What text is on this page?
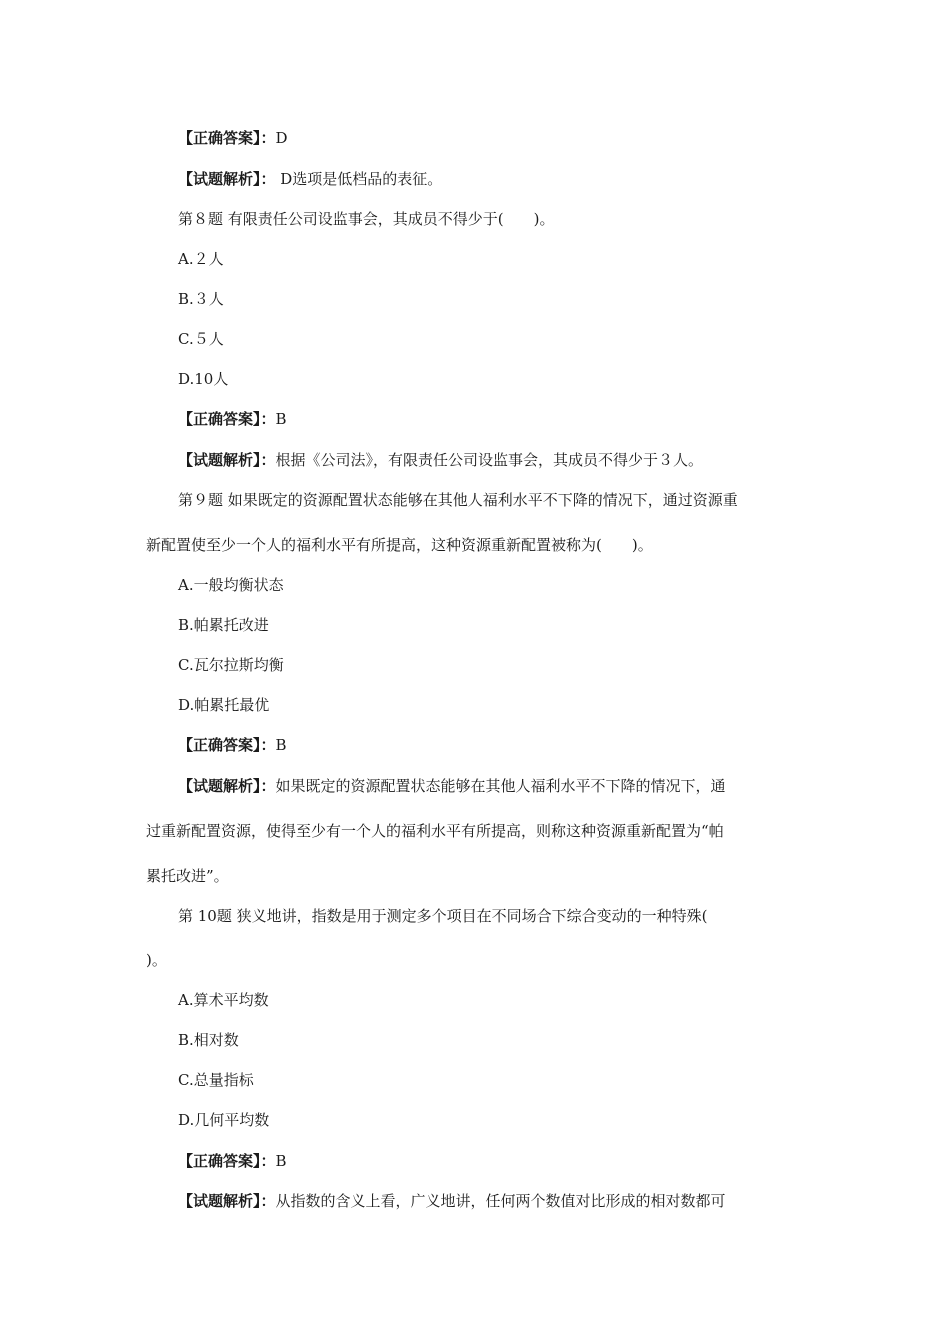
【正确答案】：D
【试题解析】： D选项是低档品的表征。
第８题 有限责任公司设监事会，其成员不得少于(　　)。
A.２人
B.３人
C.５人
D.10人
【正确答案】：B
【试题解析】：根据《公司法》，有限责任公司设监事会，其成员不得少于３人。
第９题 如果既定的资源配置状态能够在其他人福利水平不下降的情况下，通过资源重
新配置使至少一个人的福利水平有所提高，这种资源重新配置被称为(　　)。
A.一般均衡状态
B.帕累托改进
C.瓦尔拉斯均衡
D.帕累托最优
【正确答案】：B
【试题解析】：如果既定的资源配置状态能够在其他人福利水平不下降的情况下，通
过重新配置资源，使得至少有一个人的福利水平有所提高，则称这种资源重新配置为“帕
累托改进”。
第 10题 狭义地讲，指数是用于测定多个项目在不同场合下综合变动的一种特殊(
)。
A.算术平均数
B.相对数
C.总量指标
D.几何平均数
【正确答案】：B
【试题解析】：从指数的含义上看，广义地讲，任何两个数值对比形成的相对数都可
